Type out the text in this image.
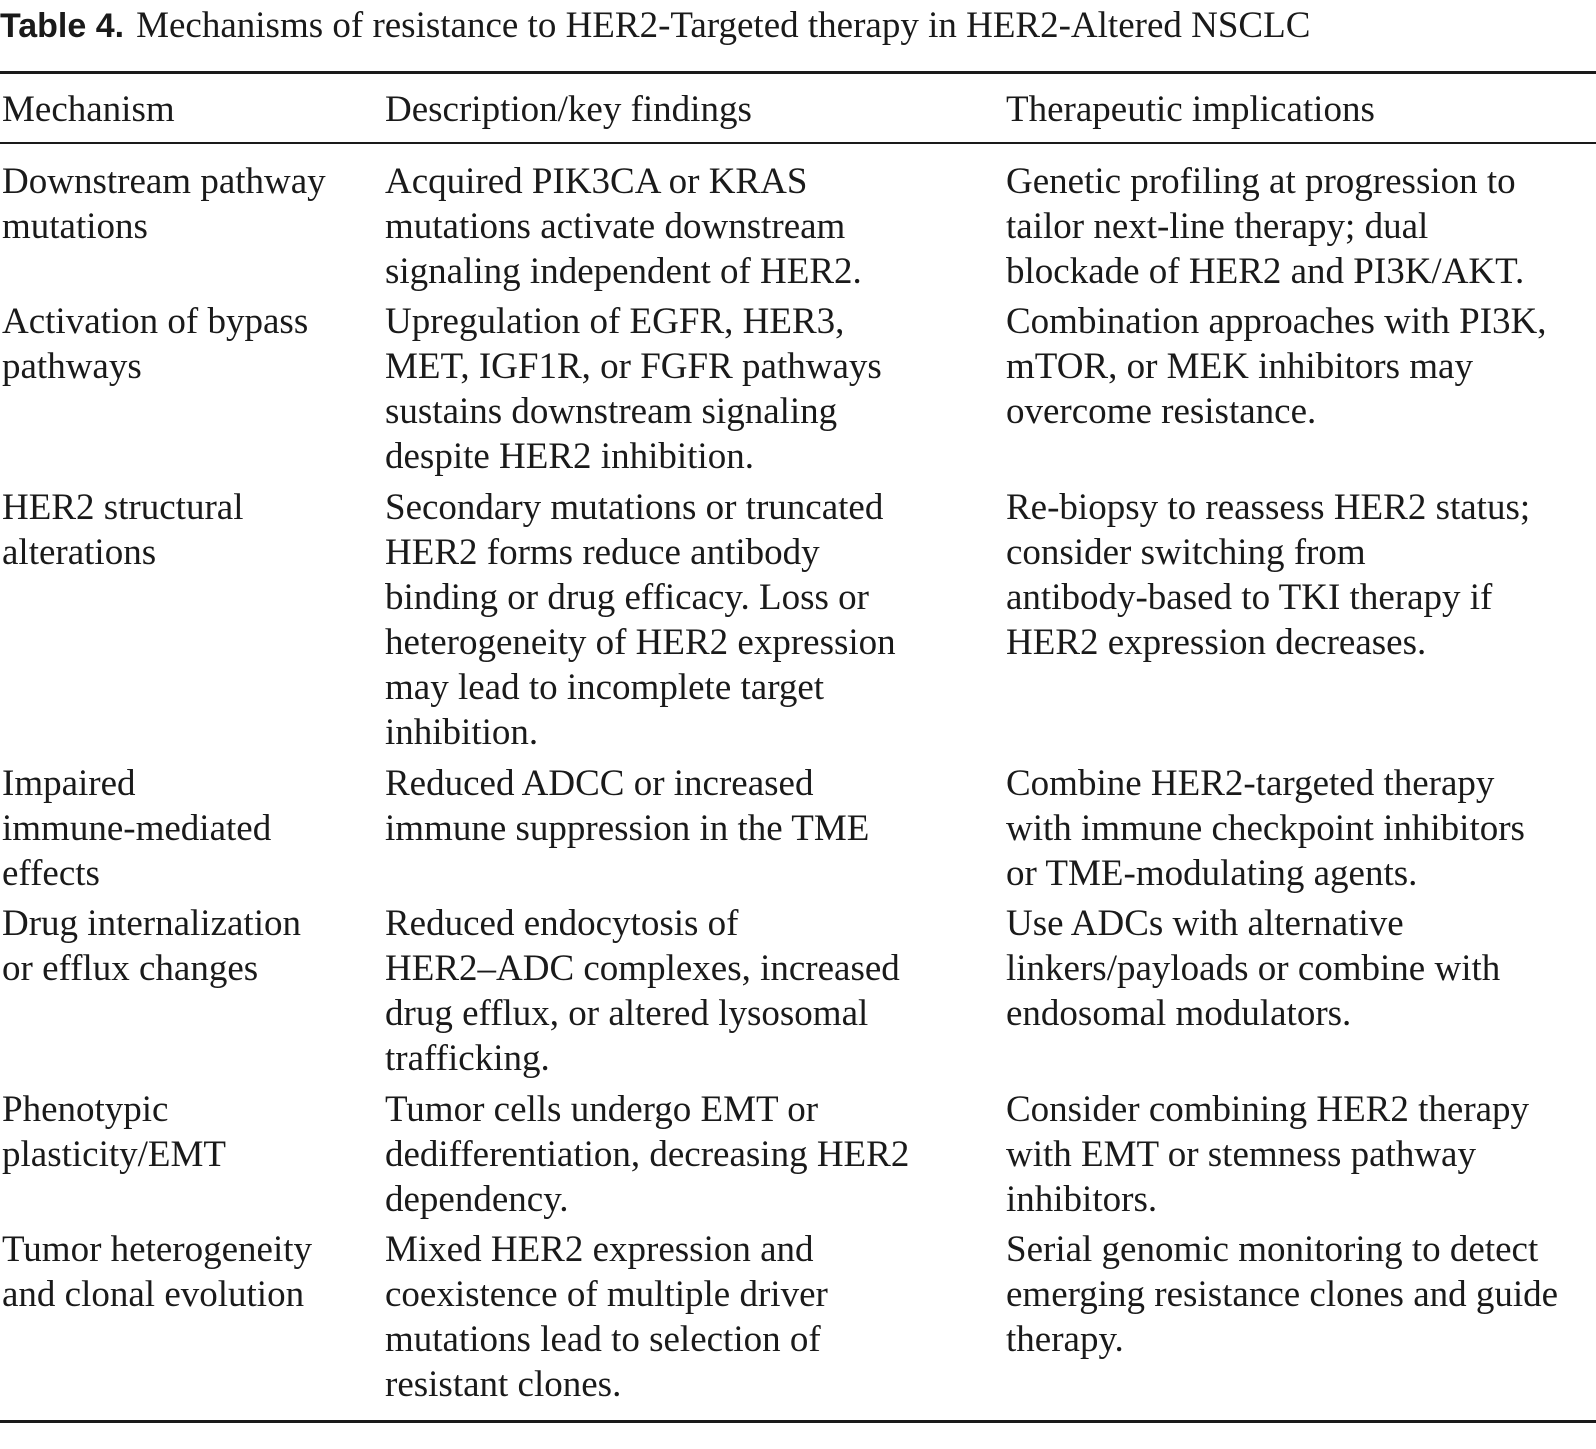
Table 4. Mechanisms of resistance to HER2-Targeted therapy in HER2-Altered NSCLC
Mechanism	Description/key findings	Therapeutic implications
Downstream pathway
mutations
Acquired PIK3CA or KRAS
mutations activate downstream
signaling independent of HER2.
Genetic profiling at progression to
tailor next-line therapy; dual
blockade of HER2 and PI3K/AKT.
Activation of bypass
pathways
Upregulation of EGFR, HER3,
MET, IGF1R, or FGFR pathways
sustains downstream signaling
despite HER2 inhibition.
Combination approaches with PI3K,
mTOR, or MEK inhibitors may
overcome resistance.
HER2 structural
alterations
Secondary mutations or truncated
HER2 forms reduce antibody
binding or drug efficacy. Loss or
heterogeneity of HER2 expression
may lead to incomplete target
inhibition.
Re-biopsy to reassess HER2 status;
consider switching from
antibody-based to TKI therapy if
HER2 expression decreases.
Impaired
immune-mediated
effects
Reduced ADCC or increased
immune suppression in the TME
Combine HER2-targeted therapy
with immune checkpoint inhibitors
or TME-modulating agents.
Drug internalization
or efflux changes
Reduced endocytosis of
HER2–ADC complexes, increased
drug efflux, or altered lysosomal
trafficking.
Use ADCs with alternative
linkers/payloads or combine with
endosomal modulators.
Phenotypic
plasticity/EMT
Tumor cells undergo EMT or
dedifferentiation, decreasing HER2
dependency.
Consider combining HER2 therapy
with EMT or stemness pathway
inhibitors.
Tumor heterogeneity
and clonal evolution
Mixed HER2 expression and
coexistence of multiple driver
mutations lead to selection of
resistant clones.
Serial genomic monitoring to detect
emerging resistance clones and guide
therapy.
